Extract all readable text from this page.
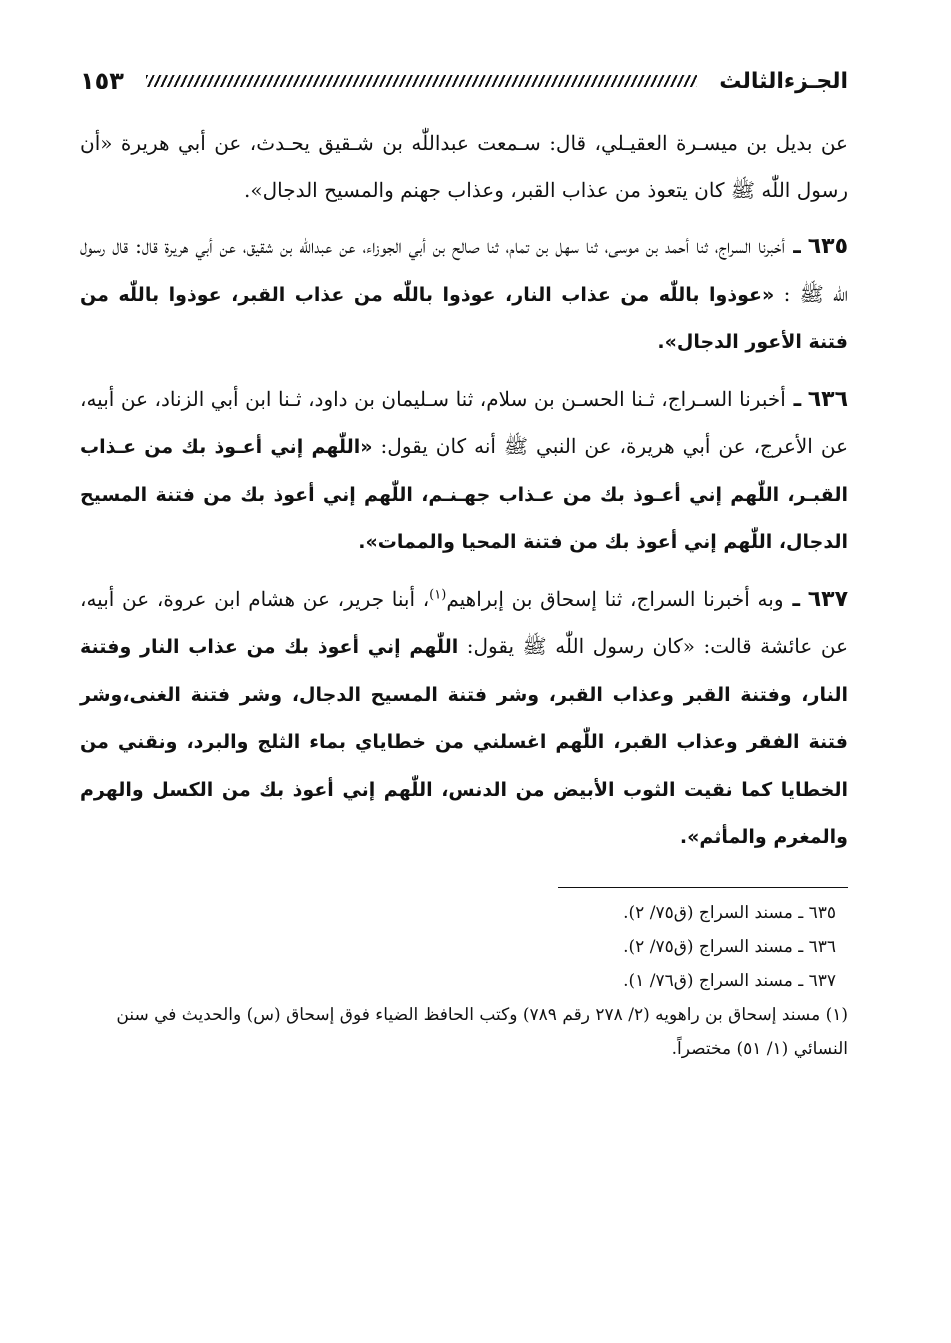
الجـزءالثالث
١٥٣

عن بديل بن ميسـرة العقيـلي، قال: سـمعت عبداللّٰه بن شـقيق يحـدث، عن أبي هريرة «أن رسول اللّٰه ﷺ كان يتعوذ من عذاب القبر، وعذاب جهنم والمسيح الدجال».

٦٣٥ ـ أخبرنا السراج، ثنا أحمد بن موسى، ثنا سهل بن تمام، ثنا صالح بن أبي الجوزاء، عن عبداللّٰه بن شقيق، عن أبي هريرة قال: قال رسول اللّٰه ﷺ : «عوذوا باللّٰه من عذاب النار، عوذوا باللّٰه من عذاب القبر، عوذوا باللّٰه من فتنة الأعور الدجال».

٦٣٦ ـ أخبرنا السـراج، ثـنا الحسـن بن سلام، ثنا سـليمان بن داود، ثـنا ابن أبي الزناد، عن أبيه، عن الأعرج، عن أبي هريرة، عن النبي ﷺ أنه كان يقول: «اللّٰهم إني أعـوذ بك من عـذاب القبـر، اللّٰهم إني أعـوذ بك من عـذاب جهـنـم، اللّٰهم إني أعوذ بك من فتنة المسيح الدجال، اللّٰهم إني أعوذ بك من فتنة المحيا والممات».

٦٣٧ ـ وبه أخبرنا السراج، ثنا إسحاق بن إبراهيم$^{(١)}$، أبنا جرير، عن هشام ابن عروة، عن أبيه، عن عائشة قالت: «كان رسول اللّٰه ﷺ يقول: اللّٰهم إني أعوذ بك من عذاب النار وفتنة النار، وفتنة القبر وعذاب القبر، وشر فتنة المسيح الدجال، وشر فتنة الغنى،وشر فتنة الفقر وعذاب القبر، اللّٰهم اغسلني من خطاياي بماء الثلج والبرد، ونقني من الخطايا كما نقيت الثوب الأبيض من الدنس، اللّٰهم إني أعوذ بك من الكسل والهرم والمغرم والمأثم».

٦٣٥ ـ مسند السراج (ق٧٥/ ٢).

٦٣٦ ـ مسند السراج (ق٧٥/ ٢).

٦٣٧ ـ مسند السراج (ق٧٦/ ١).

(١) مسند إسحاق بن راهويه (٢/ ٢٧٨ رقم ٧٨٩) وكتب الحافظ الضياء فوق إسحاق (س) والحديث في سنن النسائي (١/ ٥١) مختصراً.
